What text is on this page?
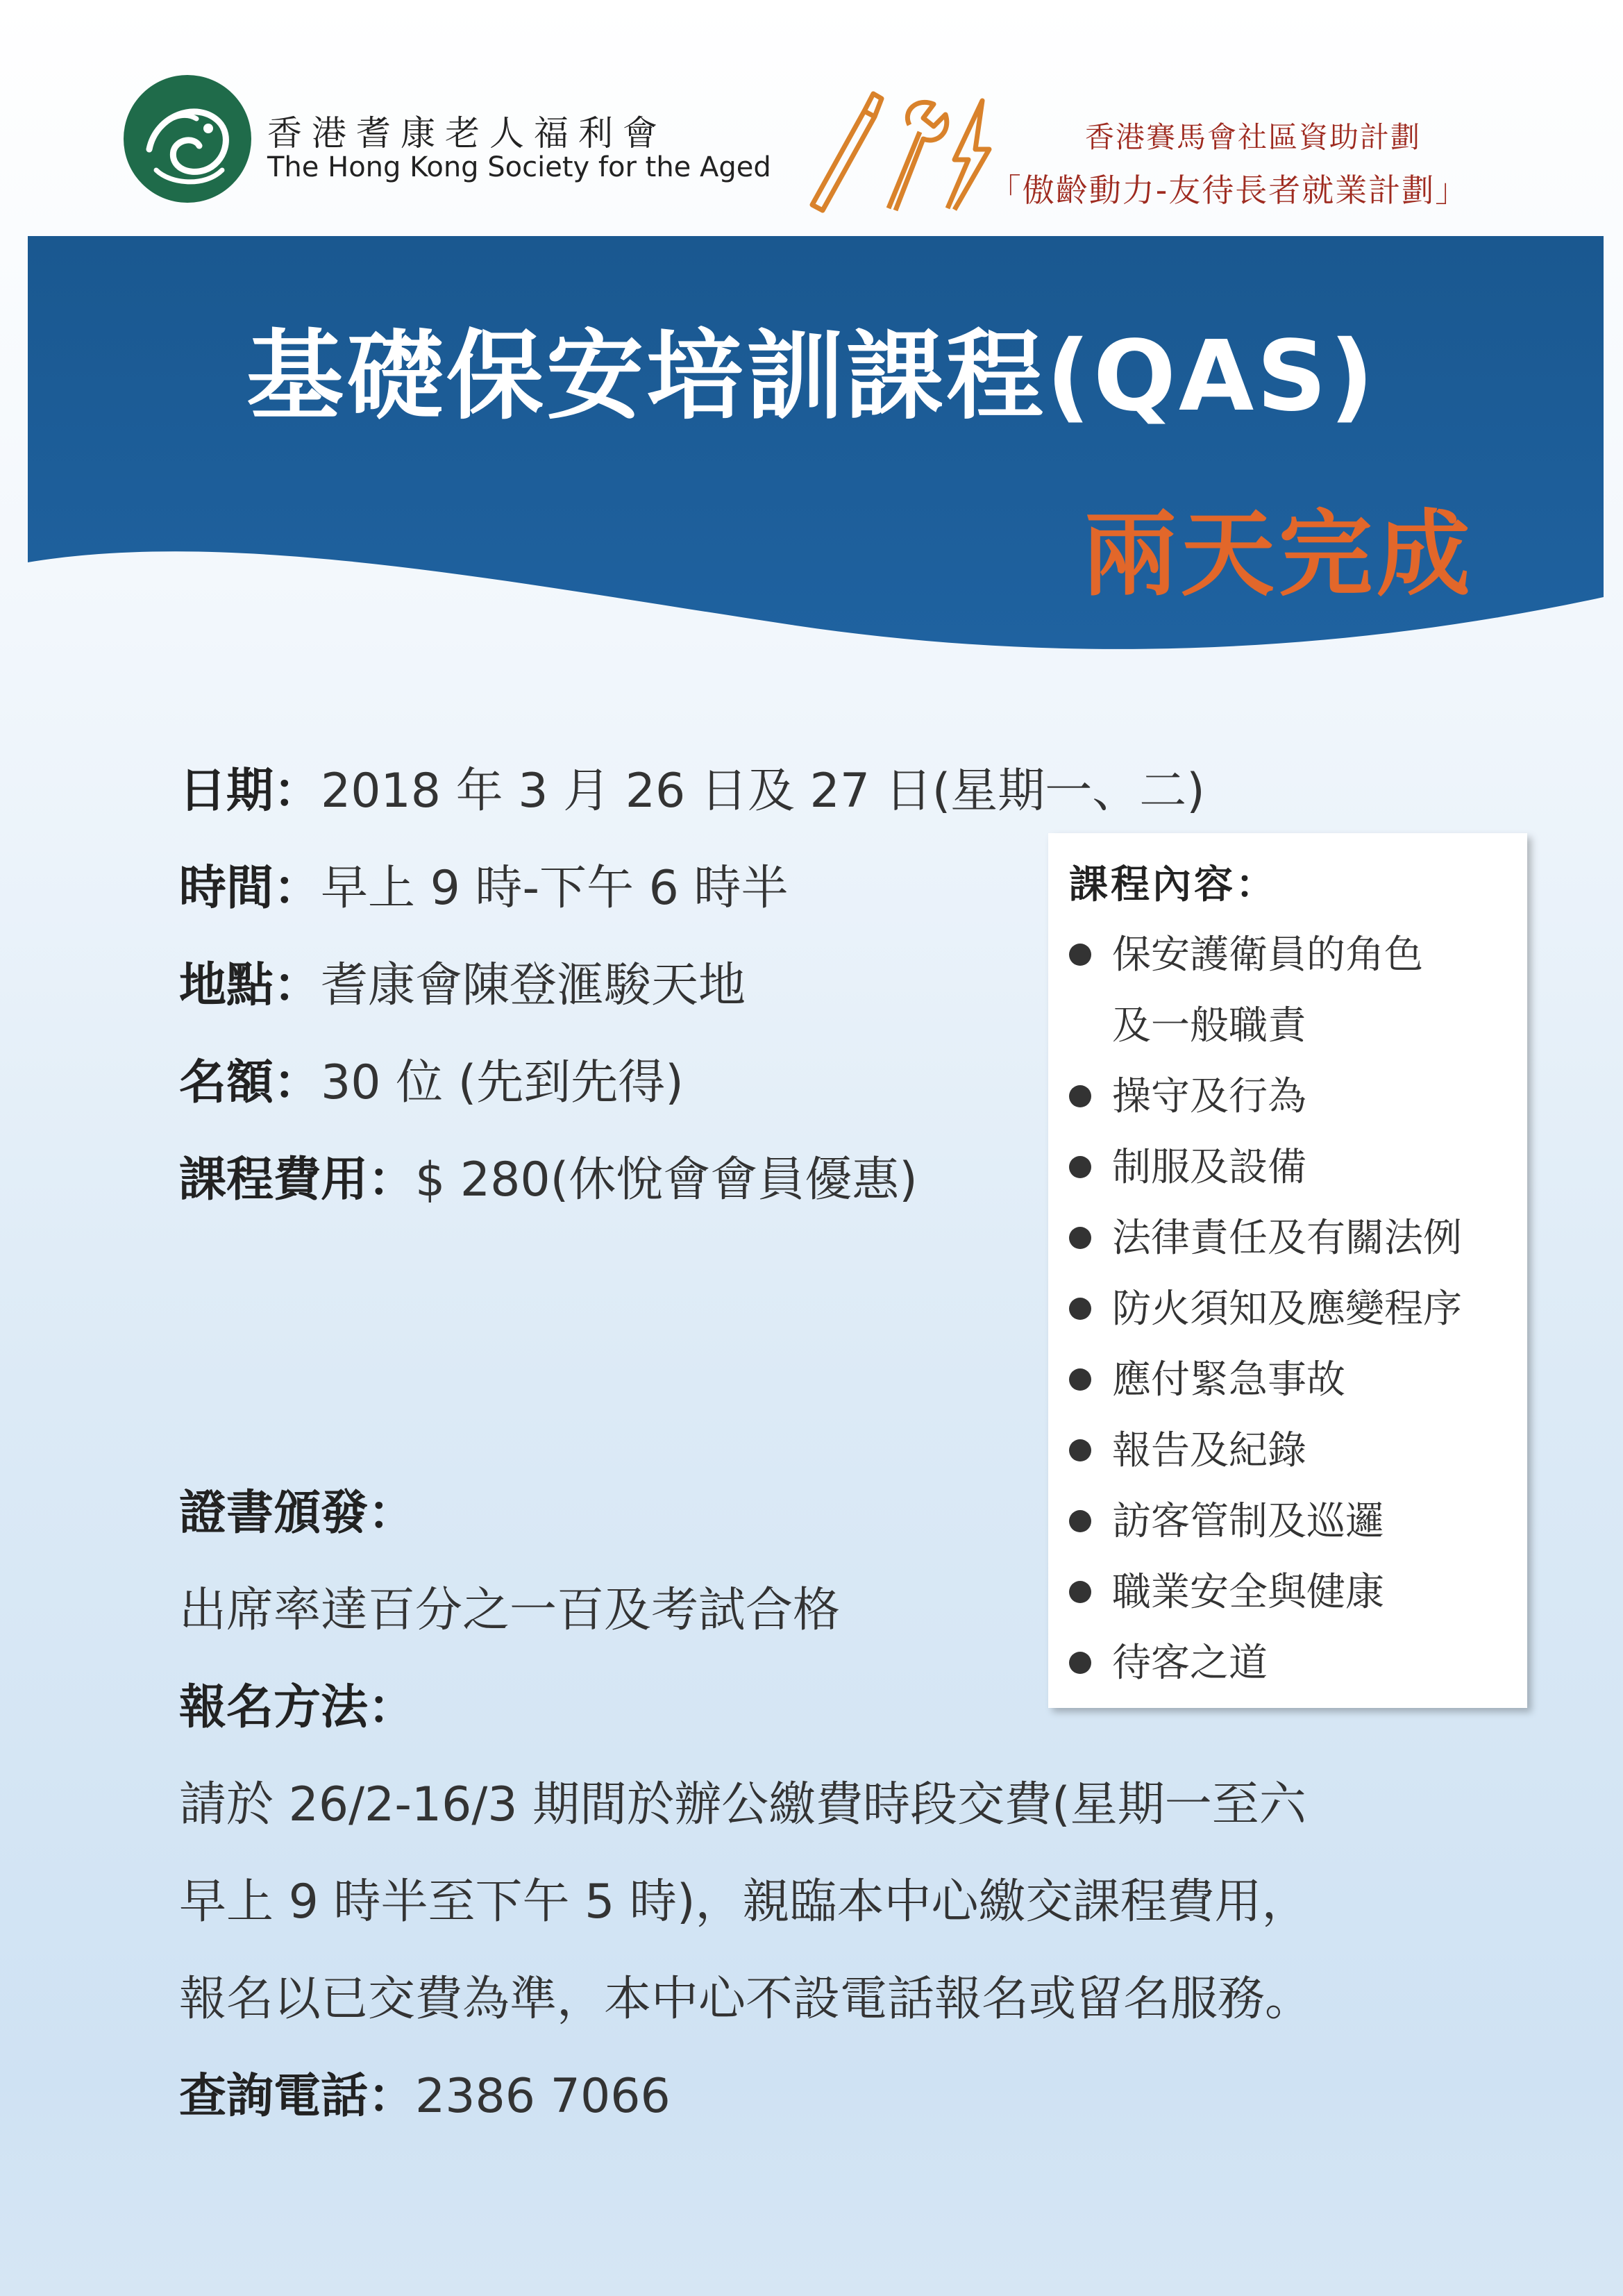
香港耆康老人福利會
The Hong Kong Society for the Aged
香港賽馬會社區資助計劃
「傲齡動力-友待長者就業計劃」
基礎保安培訓課程(QAS)
兩天完成
日期：2018 年 3 月 26 日及 27 日(星期一、二)
時間：早上 9 時-下午 6 時半
地點：耆康會陳登滙駿天地
名額：30 位 (先到先得)
課程費用：$ 280(休悅會會員優惠)
課程內容：
保安護衛員的角色
及一般職責
操守及行為
制服及設備
法律責任及有關法例
防火須知及應變程序
應付緊急事故
報告及紀錄
訪客管制及巡邏
職業安全與健康
待客之道
證書頒發：
出席率達百分之一百及考試合格
報名方法：
請於 26/2-16/3 期間於辦公繳費時段交費(星期一至六
早上 9 時半至下午 5 時)，親臨本中心繳交課程費用，
報名以已交費為準，本中心不設電話報名或留名服務。
查詢電話：2386 7066
